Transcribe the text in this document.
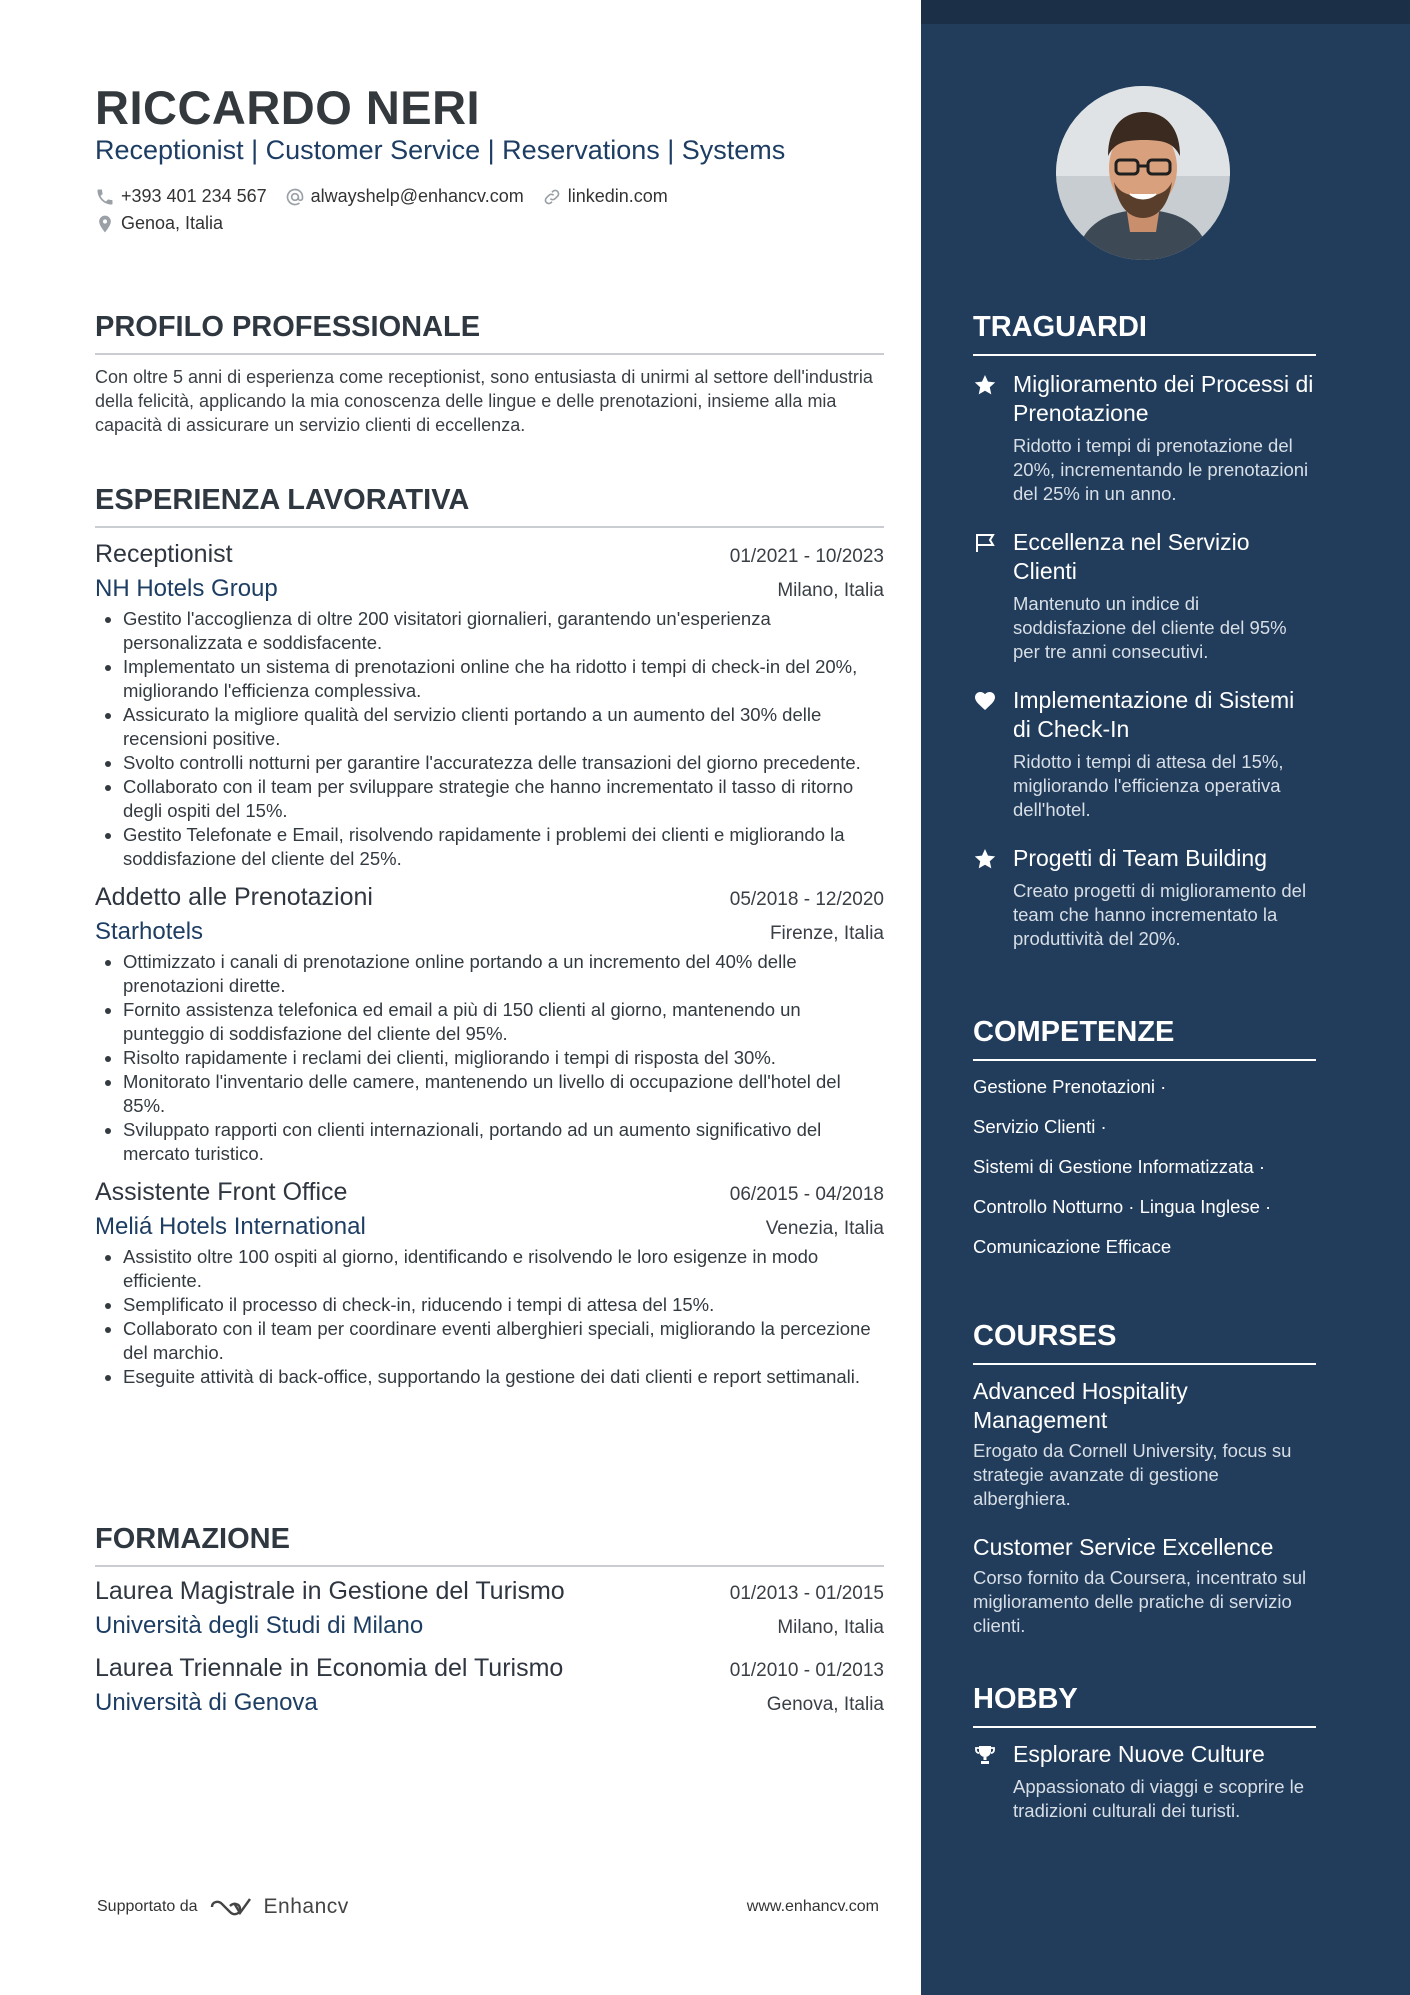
RICCARDO NERI
Receptionist | Customer Service | Reservations | Systems
+393 401 234 567 alwayshelp@enhancv.com linkedin.com
Genoa, Italia
PROFILO PROFESSIONALE
Con oltre 5 anni di esperienza come receptionist, sono entusiasta di unirmi al settore dell'industria della felicità, applicando la mia conoscenza delle lingue e delle prenotazioni, insieme alla mia capacità di assicurare un servizio clienti di eccellenza.
ESPERIENZA LAVORATIVA
Receptionist	01/2021 - 10/2023
NH Hotels Group	Milano, Italia
• Gestito l'accoglienza di oltre 200 visitatori giornalieri, garantendo un'esperienza personalizzata e soddisfacente.
• Implementato un sistema di prenotazioni online che ha ridotto i tempi di check-in del 20%, migliorando l'efficienza complessiva.
• Assicurato la migliore qualità del servizio clienti portando a un aumento del 30% delle recensioni positive.
• Svolto controlli notturni per garantire l'accuratezza delle transazioni del giorno precedente.
• Collaborato con il team per sviluppare strategie che hanno incrementato il tasso di ritorno degli ospiti del 15%.
• Gestito Telefonate e Email, risolvendo rapidamente i problemi dei clienti e migliorando la soddisfazione del cliente del 25%.
Addetto alle Prenotazioni	05/2018 - 12/2020
Starhotels	Firenze, Italia
• Ottimizzato i canali di prenotazione online portando a un incremento del 40% delle prenotazioni dirette.
• Fornito assistenza telefonica ed email a più di 150 clienti al giorno, mantenendo un punteggio di soddisfazione del cliente del 95%.
• Risolto rapidamente i reclami dei clienti, migliorando i tempi di risposta del 30%.
• Monitorato l'inventario delle camere, mantenendo un livello di occupazione dell'hotel del 85%.
• Sviluppato rapporti con clienti internazionali, portando ad un aumento significativo del mercato turistico.
Assistente Front Office	06/2015 - 04/2018
Meliá Hotels International	Venezia, Italia
• Assistito oltre 100 ospiti al giorno, identificando e risolvendo le loro esigenze in modo efficiente.
• Semplificato il processo di check-in, riducendo i tempi di attesa del 15%.
• Collaborato con il team per coordinare eventi alberghieri speciali, migliorando la percezione del marchio.
• Eseguite attività di back-office, supportando la gestione dei dati clienti e report settimanali.
FORMAZIONE
Laurea Magistrale in Gestione del Turismo	01/2013 - 01/2015
Università degli Studi di Milano	Milano, Italia
Laurea Triennale in Economia del Turismo	01/2010 - 01/2013
Università di Genova	Genova, Italia
Supportato da	Enhancv	www.enhancv.com
TRAGUARDI
Miglioramento dei Processi di Prenotazione
Ridotto i tempi di prenotazione del 20%, incrementando le prenotazioni del 25% in un anno.
Eccellenza nel Servizio Clienti
Mantenuto un indice di soddisfazione del cliente del 95% per tre anni consecutivi.
Implementazione di Sistemi di Check-In
Ridotto i tempi di attesa del 15%, migliorando l'efficienza operativa dell'hotel.
Progetti di Team Building
Creato progetti di miglioramento del team che hanno incrementato la produttività del 20%.
COMPETENZE

Gestione Prenotazioni ·

Servizio Clienti ·

Sistemi di Gestione Informatizzata ·

Controllo Notturno · Lingua Inglese ·

Comunicazione Efficace

COURSES
Advanced Hospitality Management
Erogato da Cornell University, focus su strategie avanzate di gestione alberghiera.
Customer Service Excellence
Corso fornito da Coursera, incentrato sul miglioramento delle pratiche di servizio clienti.
HOBBY
Esplorare Nuove Culture
Appassionato di viaggi e scoprire le tradizioni culturali dei turisti.
